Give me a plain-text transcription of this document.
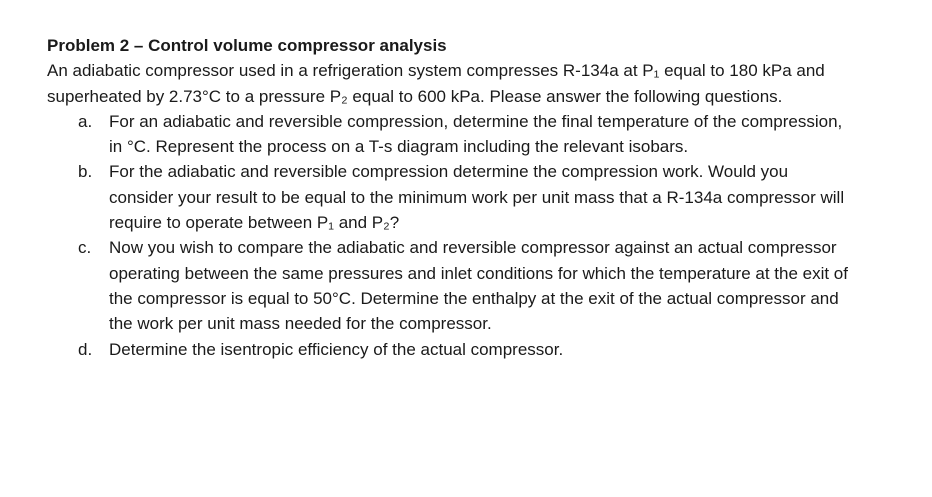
Problem 2 – Control volume compressor analysis

An adiabatic compressor used in a refrigeration system compresses R-134a at P₁ equal to 180 kPa and superheated by 2.73°C to a pressure P₂ equal to 600 kPa. Please answer the following questions.

a. For an adiabatic and reversible compression, determine the final temperature of the compression, in °C. Represent the process on a T-s diagram including the relevant isobars.
b. For the adiabatic and reversible compression determine the compression work. Would you consider your result to be equal to the minimum work per unit mass that a R-134a compressor will require to operate between P₁ and P₂?
c.	Now you wish to compare the adiabatic and reversible compressor against an actual compressor operating between the same pressures and inlet conditions for which the temperature at the exit of the compressor is equal to 50°C. Determine the enthalpy at the exit of the actual compressor and the work per unit mass needed for the compressor.
d. Determine the isentropic efficiency of the actual compressor.
